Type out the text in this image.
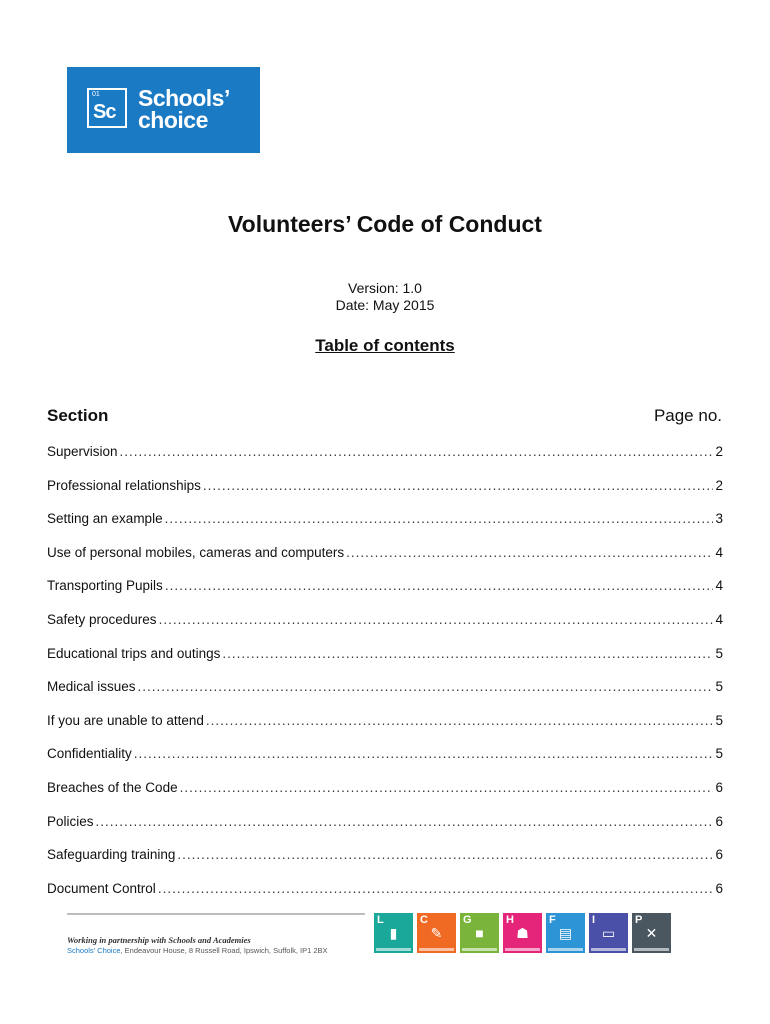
01
Sc
Schools’
choice
Volunteers’ Code of Conduct
Version: 1.0
Date: May 2015
Table of contents
Section	Page no.
Supervision .....	2
Professional relationships .....	2
Setting an example .....	3
Use of personal mobiles, cameras and computers .....	4
Transporting Pupils .....	4
Safety procedures .....	4
Educational trips and outings .....	5
Medical issues .....	5
If you are unable to attend .....	5
Confidentiality .....	5
Breaches of the Code .....	6
Policies .....	6
Safeguarding training .....	6
Document Control .....	6
Working in partnership with Schools and Academies
Schools’ Choice, Endeavour House, 8 Russell Road, Ipswich, Suffolk, IP1 2BX
L
▮
C
✎
G
■
H
☗
F
▤
I
▭
P
✕
